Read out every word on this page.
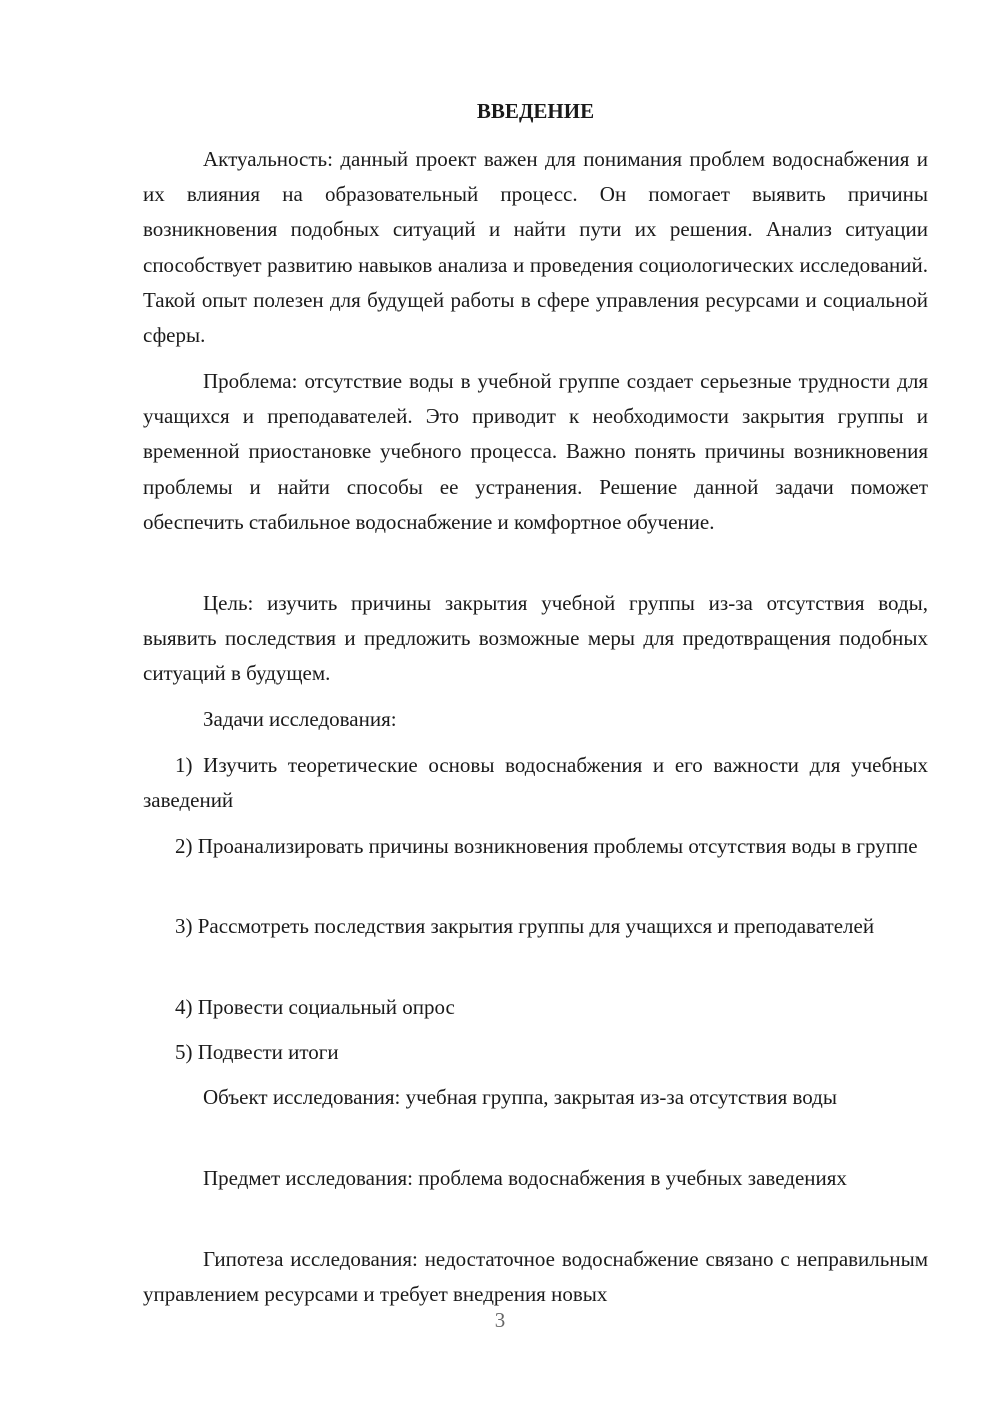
ВВЕДЕНИЕ
Актуальность: данный проект важен для понимания проблем водоснабжения и их влияния на образовательный процесс. Он помогает выявить причины возникновения подобных ситуаций и найти пути их решения. Анализ ситуации способствует развитию навыков анализа и проведения социологических исследований. Такой опыт полезен для будущей работы в сфере управления ресурсами и социальной сферы.
Проблема: отсутствие воды в учебной группе создает серьезные трудности для учащихся и преподавателей. Это приводит к необходимости закрытия группы и временной приостановке учебного процесса. Важно понять причины возникновения проблемы и найти способы ее устранения. Решение данной задачи поможет обеспечить стабильное водоснабжение и комфортное обучение.
Цель: изучить причины закрытия учебной группы из-за отсутствия воды, выявить последствия и предложить возможные меры для предотвращения подобных ситуаций в будущем.
Задачи исследования:
1) Изучить теоретические основы водоснабжения и его важности для учебных заведений
2) Проанализировать причины возникновения проблемы отсутствия воды в группе
3) Рассмотреть последствия закрытия группы для учащихся и преподавателей
4) Провести социальный опрос
5) Подвести итоги
Объект исследования: учебная группа, закрытая из-за отсутствия воды
Предмет исследования: проблема водоснабжения в учебных заведениях
Гипотеза исследования: недостаточное водоснабжение связано с неправильным управлением ресурсами и требует внедрения новых
3
